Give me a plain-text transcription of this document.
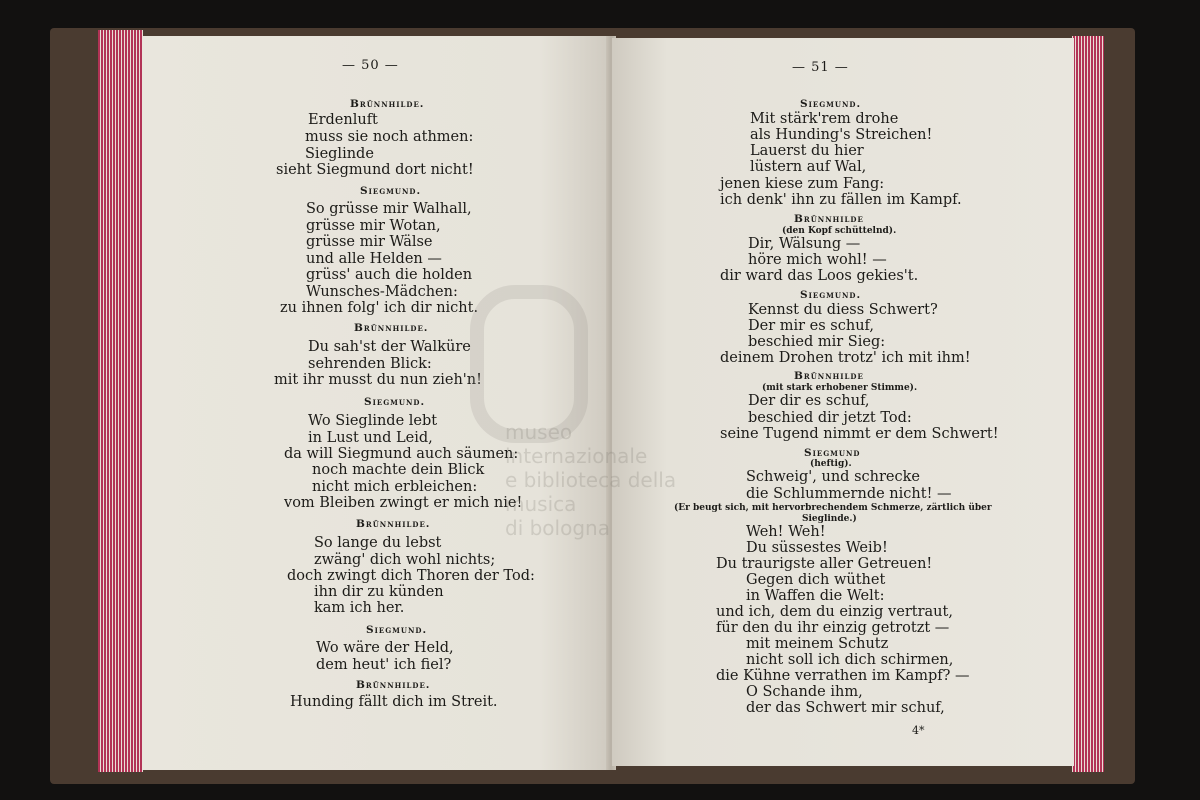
— 50 —
Brünnhilde.
Erdenluft
muss sie noch athmen:
Sieglinde
sieht Siegmund dort nicht!
Siegmund.
So grüsse mir Walhall,
grüsse mir Wotan,
grüsse mir Wälse
und alle Helden —
grüss' auch die holden
Wunsches-Mädchen:
zu ihnen folg' ich dir nicht.
Brünnhilde.
Du sah'st der Walküre
sehrenden Blick:
mit ihr musst du nun zieh'n!
Siegmund.
Wo Sieglinde lebt
in Lust und Leid,
da will Siegmund auch säumen:
noch machte dein Blick
nicht mich erbleichen:
vom Bleiben zwingt er mich nie!
Brünnhilde.
So lange du lebst
zwäng' dich wohl nichts;
doch zwingt dich Thoren der Tod:
ihn dir zu künden
kam ich her.
Siegmund.
Wo wäre der Held,
dem heut' ich fiel?
Brünnhilde.
Hunding fällt dich im Streit.
— 51 —
Siegmund.
Mit stärk'rem drohe
als Hunding's Streichen!
Lauerst du hier
lüstern auf Wal,
jenen kiese zum Fang:
ich denk' ihn zu fällen im Kampf.
Brünnhilde
(den Kopf schüttelnd).
Dir, Wälsung —
höre mich wohl! —
dir ward das Loos gekies't.
Siegmund.
Kennst du diess Schwert?
Der mir es schuf,
beschied mir Sieg:
deinem Drohen trotz' ich mit ihm!
Brünnhilde
(mit stark erhobener Stimme).
Der dir es schuf,
beschied dir jetzt Tod:
seine Tugend nimmt er dem Schwert!
Siegmund
(heftig).
Schweig', und schrecke
die Schlummernde nicht! —
(Er beugt sich, mit hervorbrechendem Schmerze, zärtlich über
Sieglinde.)
Weh! Weh!
Du süssestes Weib!
Du traurigste aller Getreuen!
Gegen dich wüthet
in Waffen die Welt:
und ich, dem du einzig vertraut,
für den du ihr einzig getrotzt —
mit meinem Schutz
nicht soll ich dich schirmen,
die Kühne verrathen im Kampf? —
O Schande ihm,
der das Schwert mir schuf,
4*
museo internazionale
e biblioteca della musica
di bologna
